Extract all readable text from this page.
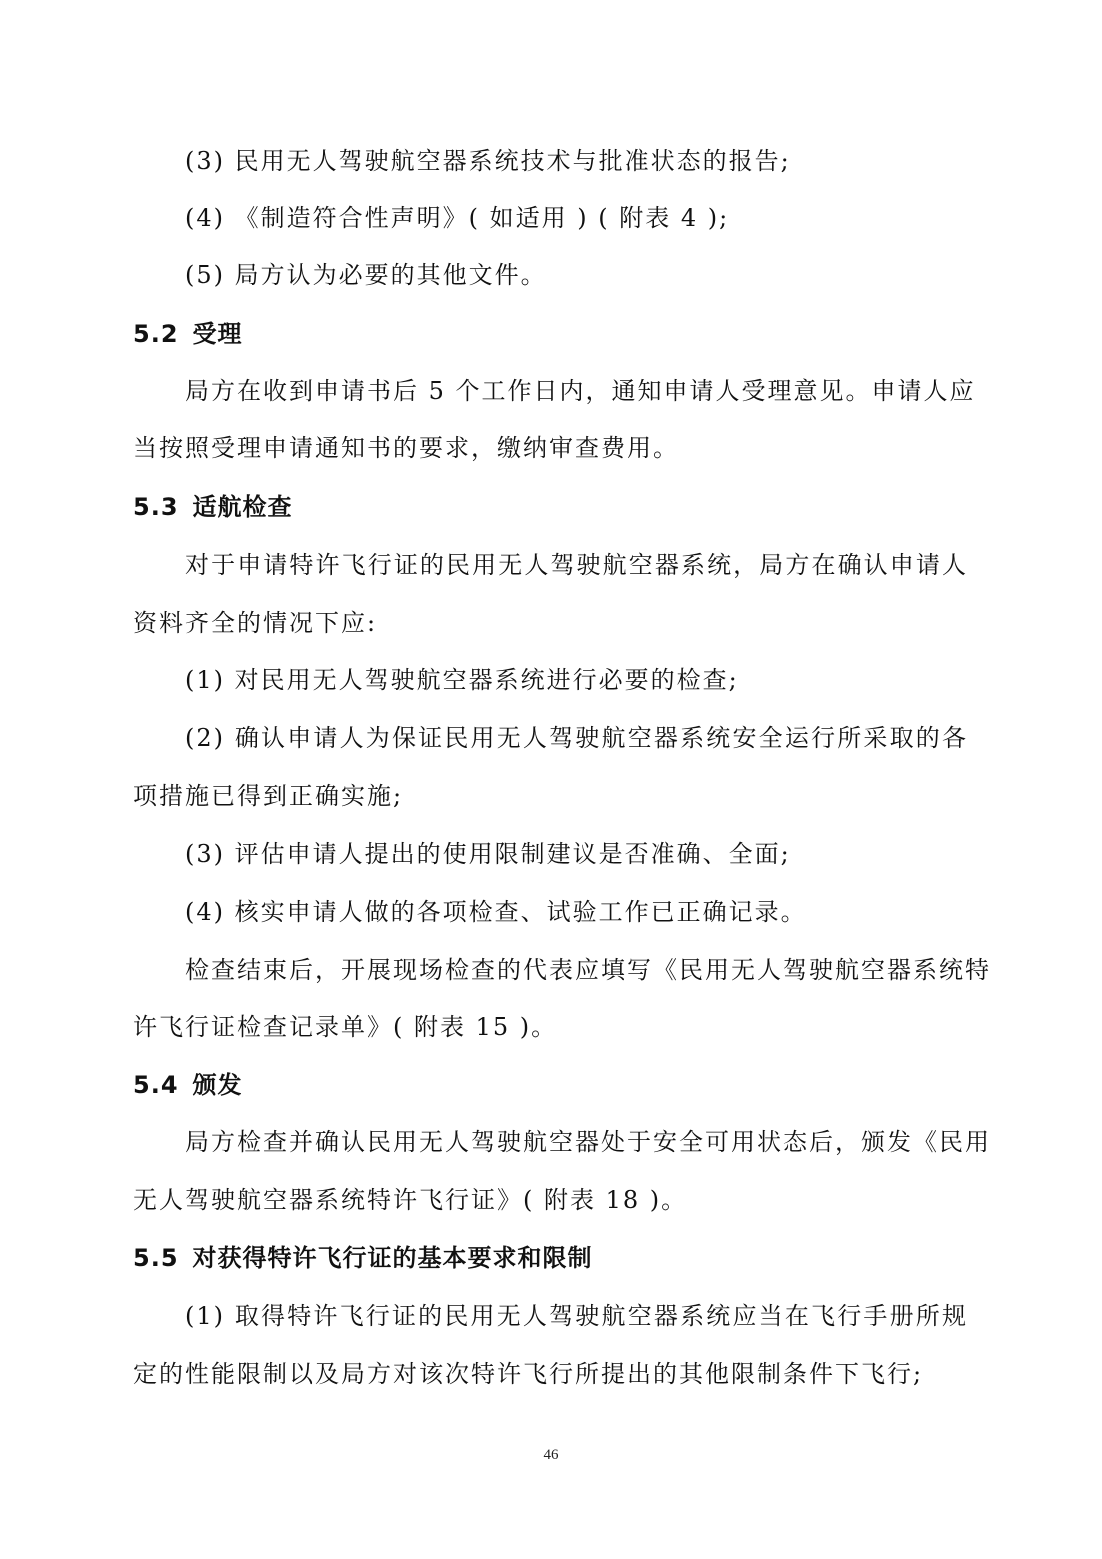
(3) 民用无人驾驶航空器系统技术与批准状态的报告;
(4) 《制造符合性声明》( 如适用 ) ( 附表 4 );
(5) 局方认为必要的其他文件。
5.2 受理
局方在收到申请书后 5 个工作日内，通知申请人受理意见。申请人应
当按照受理申请通知书的要求，缴纳审查费用。
5.3 适航检查
对于申请特许飞行证的民用无人驾驶航空器系统，局方在确认申请人
资料齐全的情况下应:
(1) 对民用无人驾驶航空器系统进行必要的检查;
(2) 确认申请人为保证民用无人驾驶航空器系统安全运行所采取的各
项措施已得到正确实施;
(3) 评估申请人提出的使用限制建议是否准确、全面;
(4) 核实申请人做的各项检查、试验工作已正确记录。
检查结束后，开展现场检查的代表应填写《民用无人驾驶航空器系统特
许飞行证检查记录单》( 附表 15 )。
5.4 颁发
局方检查并确认民用无人驾驶航空器处于安全可用状态后，颁发《民用
无人驾驶航空器系统特许飞行证》( 附表 18 )。
5.5 对获得特许飞行证的基本要求和限制
(1) 取得特许飞行证的民用无人驾驶航空器系统应当在飞行手册所规
定的性能限制以及局方对该次特许飞行所提出的其他限制条件下飞行;
46
